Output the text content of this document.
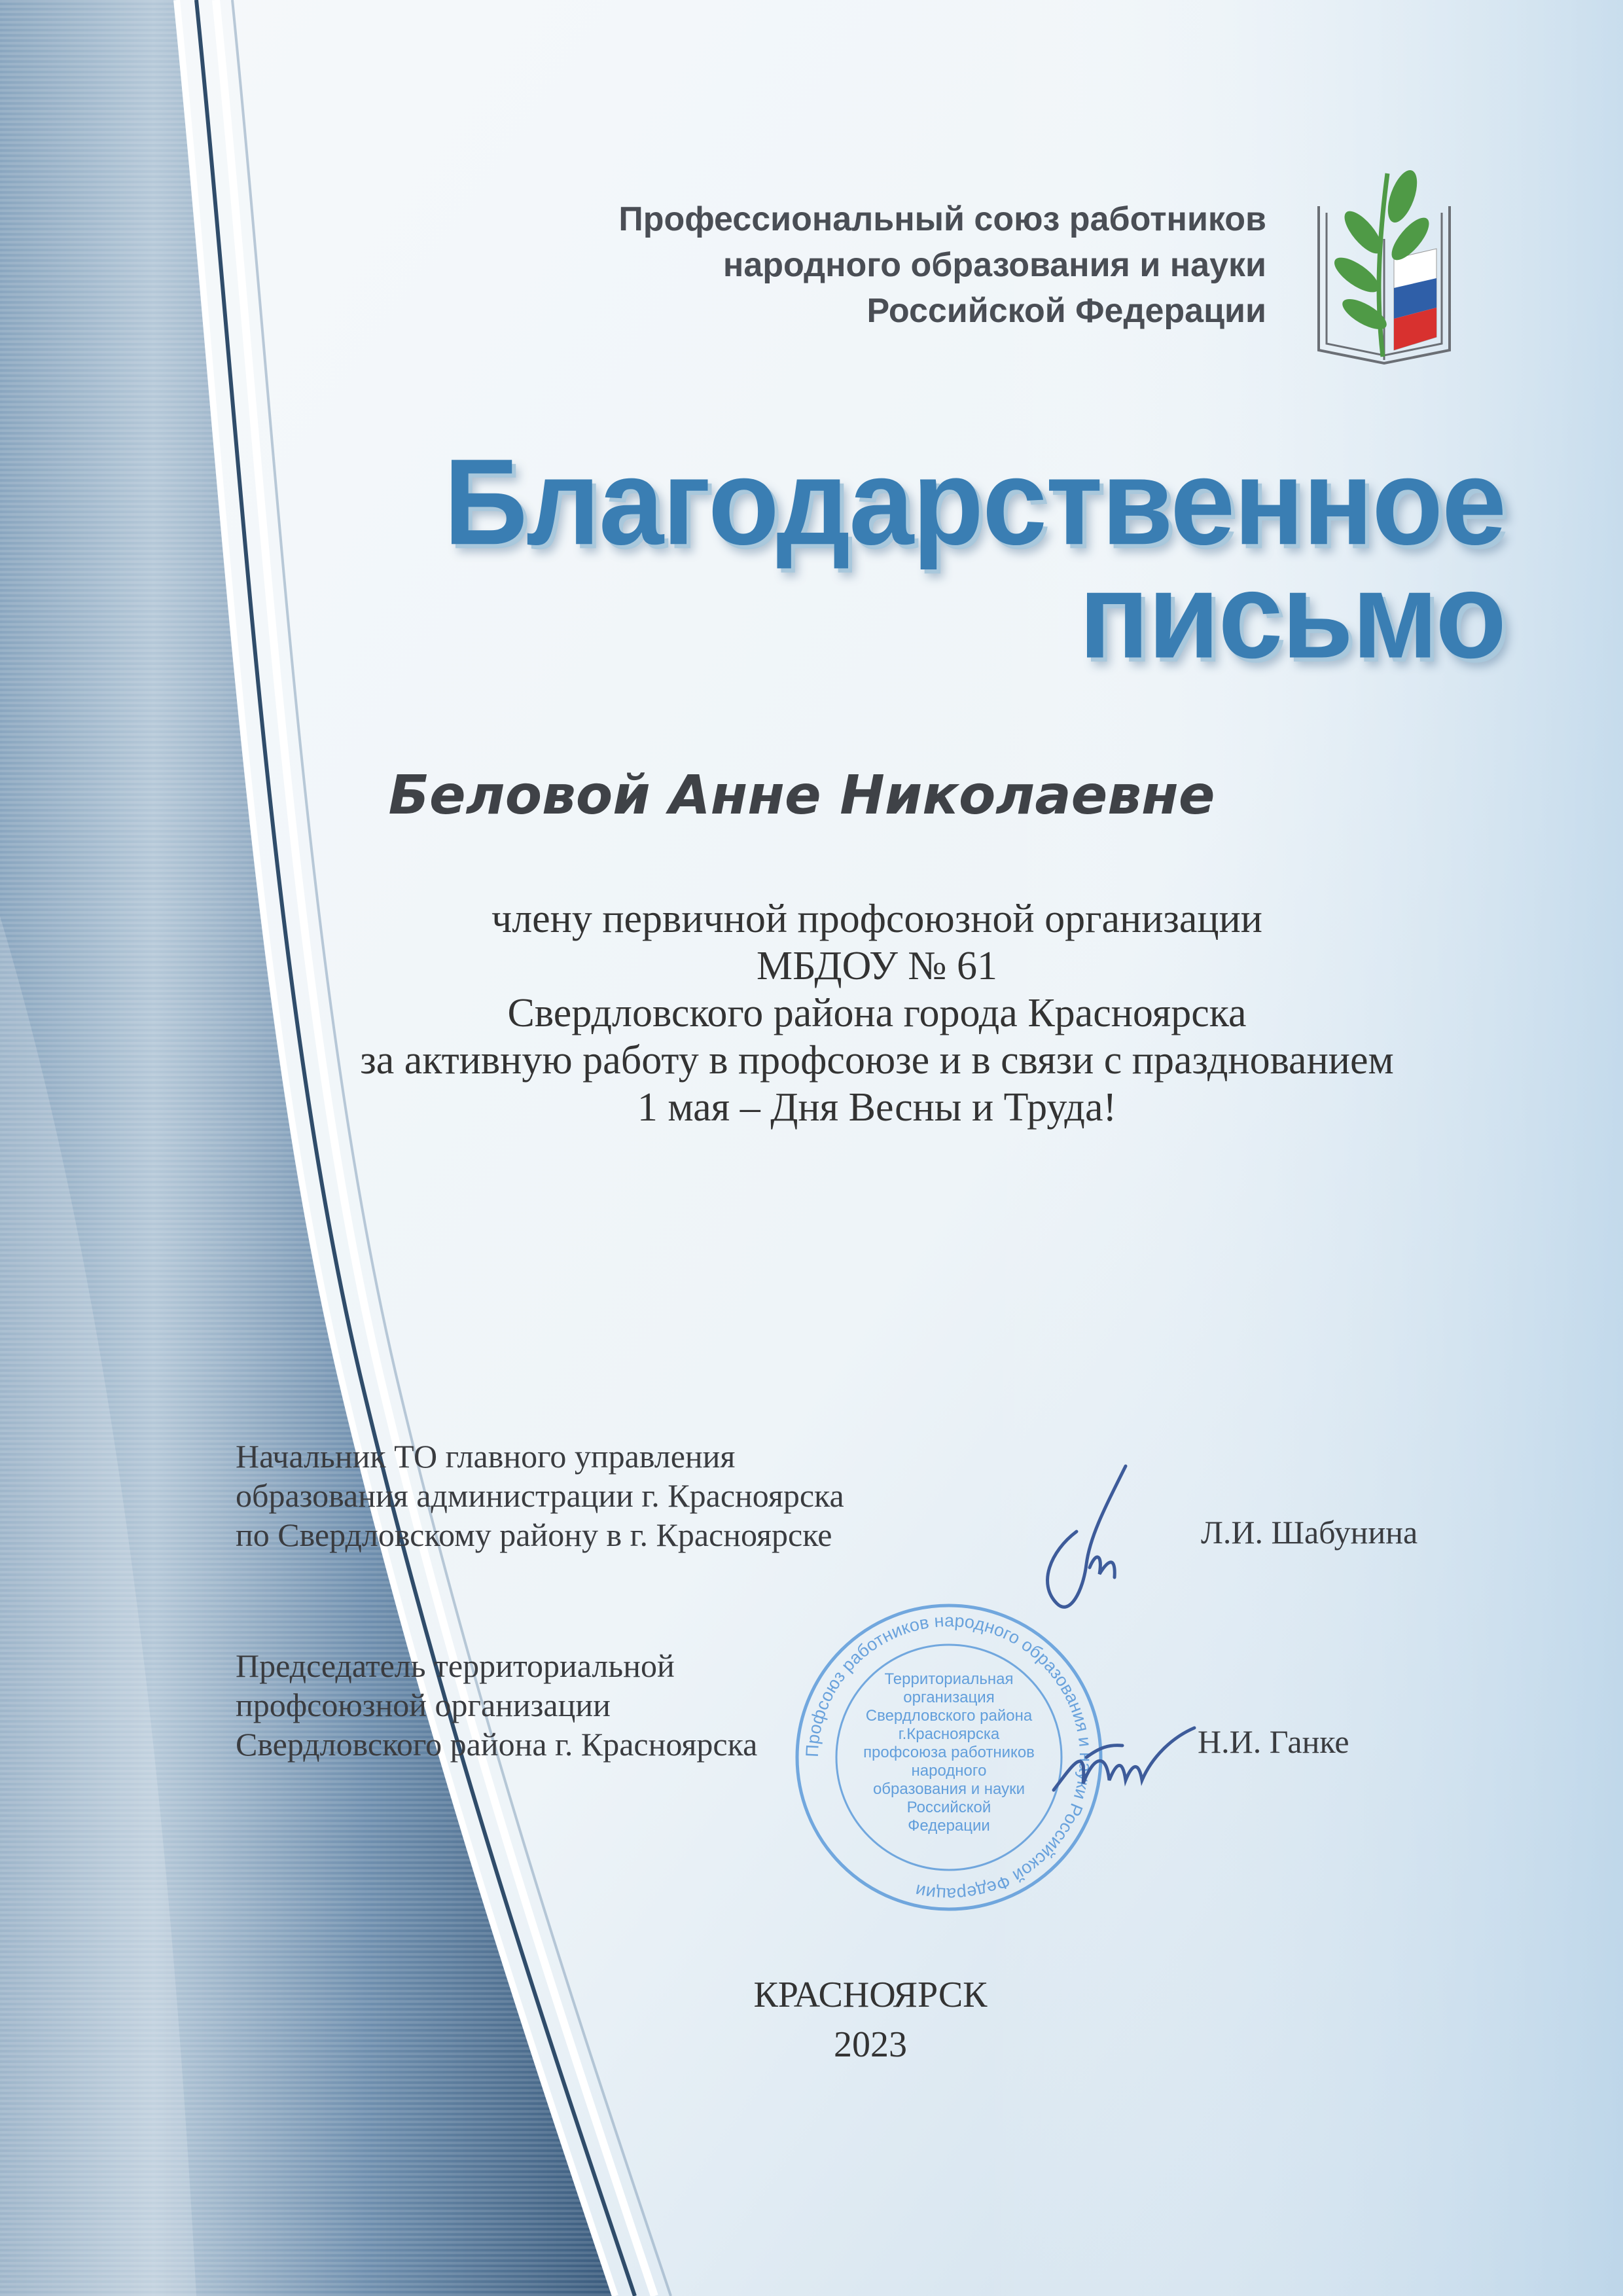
Профессиональный союз работников
народного образования и науки
Российской Федерации
Благодарственное
письмо
Беловой Анне Николаевне
члену первичной профсоюзной организации
МБДОУ № 61
Свердловского района города Красноярска
за активную работу в профсоюзе и в связи с празднованием
1 мая – Дня Весны и Труда!
Начальник ТО главного управления
образования администрации г. Красноярска
по Свердловскому району в г. Красноярске	Л.И. Шабунина
Председатель территориальной
профсоюзной организации
Свердловского района г. Красноярска	Н.И. Ганке
Профсоюз работников народного образования и науки Российской Федерации
Территориальная
организация
Свердловского района
г.Красноярска
профсоюза работников
народного
образования и науки
Российской
Федерации
КРАСНОЯРСК
2023
